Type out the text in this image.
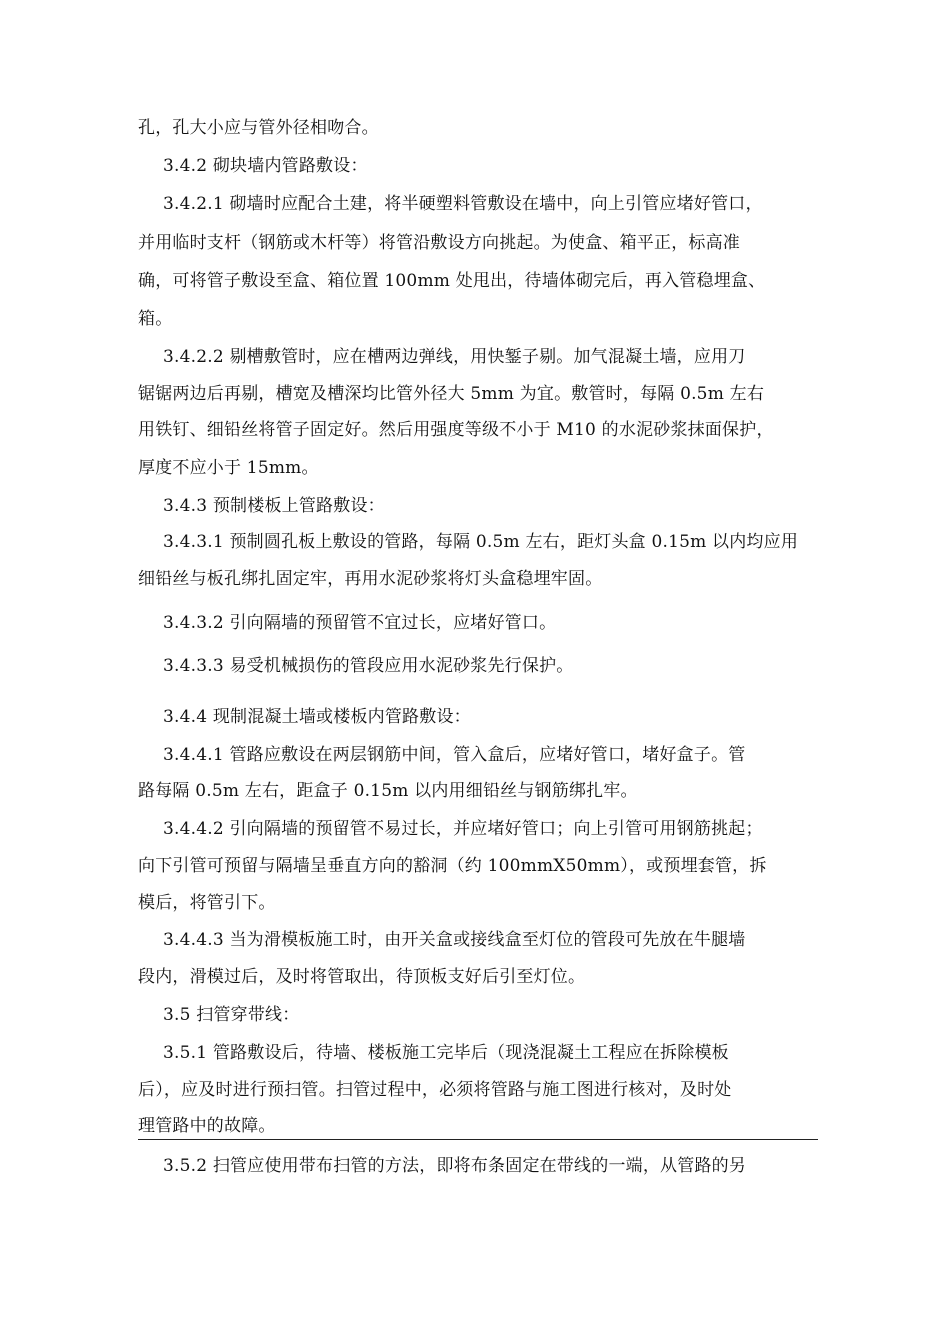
孔，孔大小应与管外径相吻合。
3.4.2 砌块墙内管路敷设：
3.4.2.1 砌墙时应配合土建，将半硬塑料管敷设在墙中，向上引管应堵好管口，
并用临时支杆（钢筋或木杆等）将管沿敷设方向挑起。为使盒、箱平正，标高准
确，可将管子敷设至盒、箱位置 100mm 处甩出，待墙体砌完后，再入管稳埋盒、
箱。
3.4.2.2 剔槽敷管时，应在槽两边弹线，用快錾子剔。加气混凝土墙，应用刀
锯锯两边后再剔，槽宽及槽深均比管外径大 5mm 为宜。敷管时，每隔 0.5m 左右
用铁钉、细铅丝将管子固定好。然后用强度等级不小于 M10 的水泥砂浆抹面保护，
厚度不应小于 15mm。
3.4.3 预制楼板上管路敷设：
3.4.3.1 预制圆孔板上敷设的管路，每隔 0.5m 左右，距灯头盒 0.15m 以内均应用
细铅丝与板孔绑扎固定牢，再用水泥砂浆将灯头盒稳埋牢固。
3.4.3.2 引向隔墙的预留管不宜过长，应堵好管口。
3.4.3.3 易受机械损伤的管段应用水泥砂浆先行保护。
3.4.4 现制混凝土墙或楼板内管路敷设：
3.4.4.1 管路应敷设在两层钢筋中间，管入盒后，应堵好管口，堵好盒子。管
路每隔 0.5m 左右，距盒子 0.15m 以内用细铅丝与钢筋绑扎牢。
3.4.4.2 引向隔墙的预留管不易过长，并应堵好管口；向上引管可用钢筋挑起；
向下引管可预留与隔墙呈垂直方向的豁洞（约 100mmX50mm），或预埋套管，拆
模后，将管引下。
3.4.4.3 当为滑模板施工时，由开关盒或接线盒至灯位的管段可先放在牛腿墙
段内，滑模过后，及时将管取出，待顶板支好后引至灯位。
3.5 扫管穿带线：
3.5.1 管路敷设后，待墙、楼板施工完毕后（现浇混凝土工程应在拆除模板
后），应及时进行预扫管。扫管过程中，必须将管路与施工图进行核对，及时处
理管路中的故障。
3.5.2 扫管应使用带布扫管的方法，即将布条固定在带线的一端，从管路的另
